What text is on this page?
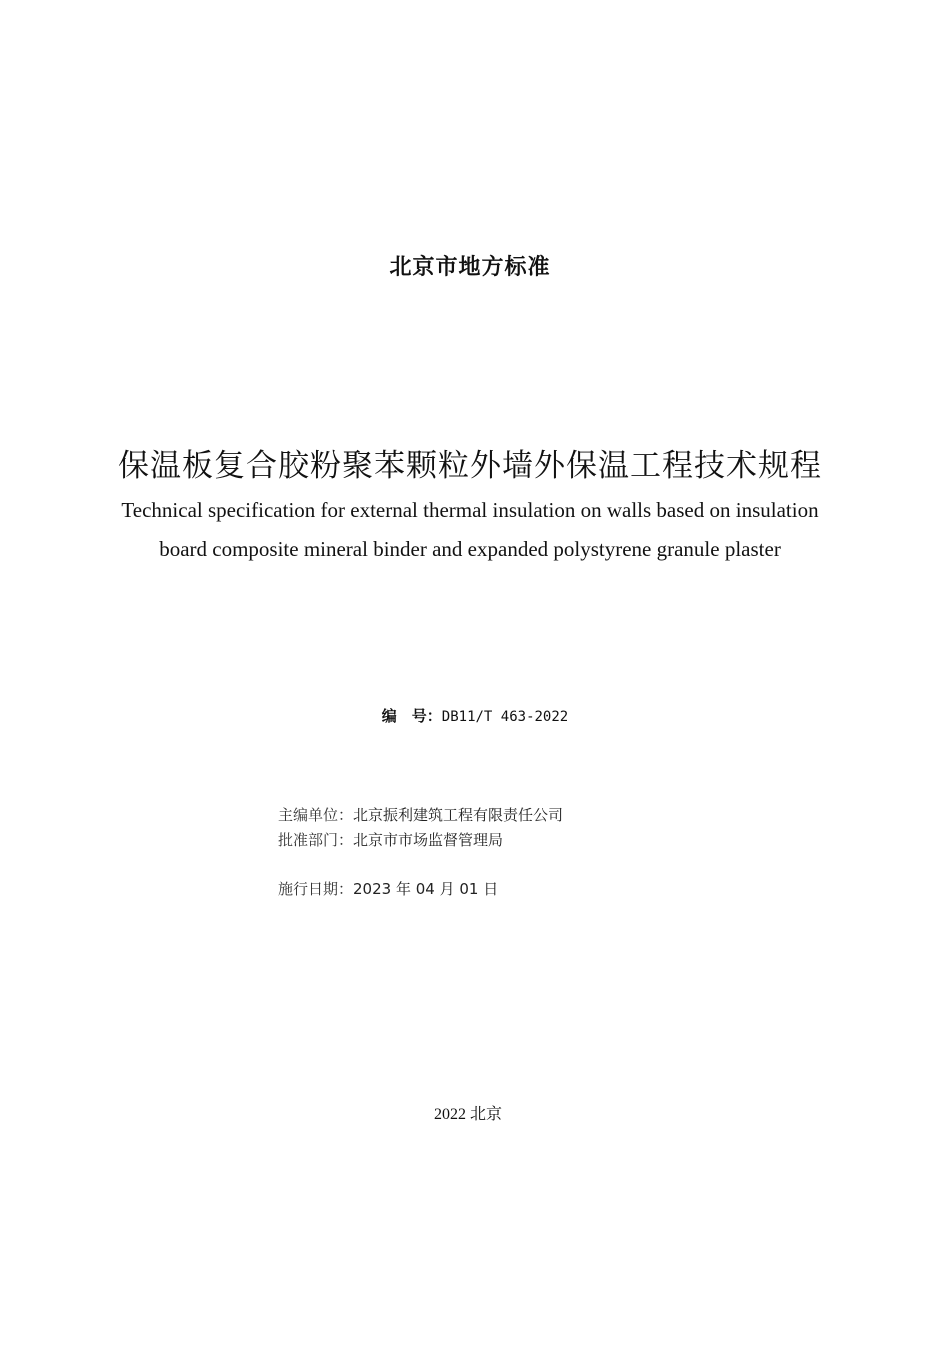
北京市地方标准
保温板复合胶粉聚苯颗粒外墙外保温工程技术规程
Technical specification for external thermal insulation on walls based on insulation
board composite mineral binder and expanded polystyrene granule plaster
编　号：DB11/T 463-2022
主编单位：北京振利建筑工程有限责任公司
批准部门：北京市市场监督管理局
施行日期：2023 年 04 月 01 日
2022 北京
